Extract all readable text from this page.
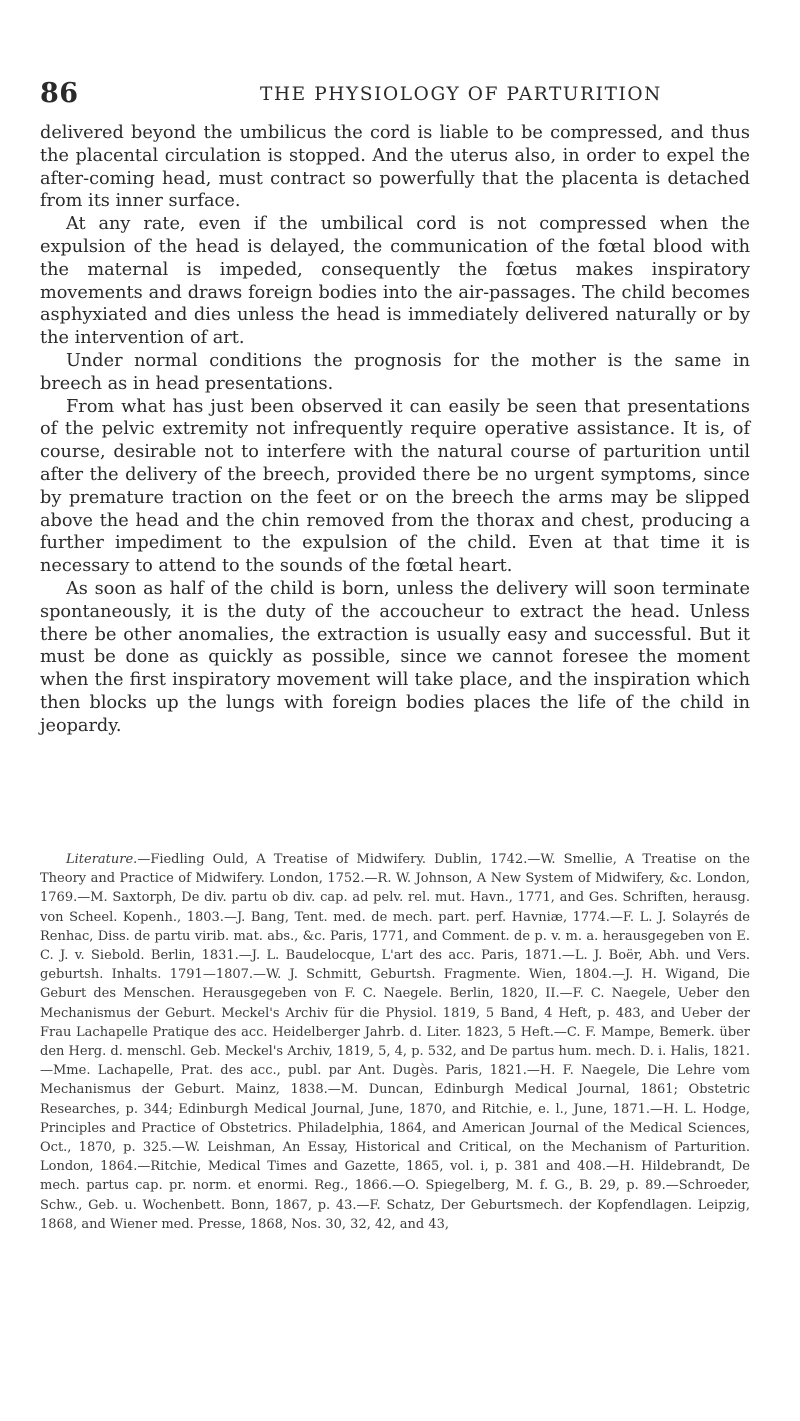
86	THE PHYSIOLOGY OF PARTURITION

delivered beyond the umbilicus the cord is liable to be compressed, and thus the placental circulation is stopped. And the uterus also, in order to expel the after-coming head, must contract so powerfully that the placenta is detached from its inner surface.

At any rate, even if the umbilical cord is not compressed when the expulsion of the head is delayed, the communication of the fœtal blood with the maternal is impeded, consequently the fœtus makes inspiratory movements and draws foreign bodies into the air-passages. The child becomes asphyxiated and dies unless the head is immediately delivered naturally or by the intervention of art.

Under normal conditions the prognosis for the mother is the same in breech as in head presentations.

From what has just been observed it can easily be seen that presentations of the pelvic extremity not infrequently require operative assistance. It is, of course, desirable not to interfere with the natural course of parturition until after the delivery of the breech, provided there be no urgent symptoms, since by premature traction on the feet or on the breech the arms may be slipped above the head and the chin removed from the thorax and chest, producing a further impediment to the expulsion of the child. Even at that time it is necessary to attend to the sounds of the fœtal heart.

As soon as half of the child is born, unless the delivery will soon terminate spontaneously, it is the duty of the accoucheur to extract the head. Unless there be other anomalies, the extraction is usually easy and successful. But it must be done as quickly as possible, since we cannot foresee the moment when the first inspiratory movement will take place, and the inspiration which then blocks up the lungs with foreign bodies places the life of the child in jeopardy.

Literature.—Fiedling Ould, A Treatise of Midwifery. Dublin, 1742.—W. Smellie, A Treatise on the Theory and Practice of Midwifery. London, 1752.—R. W. Johnson, A New System of Midwifery, &c. London, 1769.—M. Saxtorph, De div. partu ob div. cap. ad pelv. rel. mut. Havn., 1771, and Ges. Schriften, herausg. von Scheel. Kopenh., 1803.—J. Bang, Tent. med. de mech. part. perf. Havniæ, 1774.—F. L. J. Solayrés de Renhac, Diss. de partu virib. mat. abs., &c. Paris, 1771, and Comment. de p. v. m. a. herausgegeben von E. C. J. v. Siebold. Berlin, 1831.—J. L. Baudelocque, L'art des acc. Paris, 1871.—L. J. Boër, Abh. und Vers. geburtsh. Inhalts. 1791—1807.—W. J. Schmitt, Geburtsh. Fragmente. Wien, 1804.—J. H. Wigand, Die Geburt des Menschen. Herausgegeben von F. C. Naegele. Berlin, 1820, II.—F. C. Naegele, Ueber den Mechanismus der Geburt. Meckel's Archiv für die Physiol. 1819, 5 Band, 4 Heft, p. 483, and Ueber der Frau Lachapelle Pratique des acc. Heidelberger Jahrb. d. Liter. 1823, 5 Heft.—C. F. Mampe, Bemerk. über den Herg. d. menschl. Geb. Meckel's Archiv, 1819, 5, 4, p. 532, and De partus hum. mech. D. i. Halis, 1821.—Mme. Lachapelle, Prat. des acc., publ. par Ant. Dugès. Paris, 1821.—H. F. Naegele, Die Lehre vom Mechanismus der Geburt. Mainz, 1838.—M. Duncan, Edinburgh Medical Journal, 1861; Obstetric Researches, p. 344; Edinburgh Medical Journal, June, 1870, and Ritchie, e. l., June, 1871.—H. L. Hodge, Principles and Practice of Obstetrics. Philadelphia, 1864, and American Journal of the Medical Sciences, Oct., 1870, p. 325.—W. Leishman, An Essay, Historical and Critical, on the Mechanism of Parturition. London, 1864.—Ritchie, Medical Times and Gazette, 1865, vol. i, p. 381 and 408.—H. Hildebrandt, De mech. partus cap. pr. norm. et enormi. Reg., 1866.—O. Spiegelberg, M. f. G., B. 29, p. 89.—Schroeder, Schw., Geb. u. Wochenbett. Bonn, 1867, p. 43.—F. Schatz, Der Geburtsmech. der Kopfendlagen. Leipzig, 1868, and Wiener med. Presse, 1868, Nos. 30, 32, 42, and 43,
